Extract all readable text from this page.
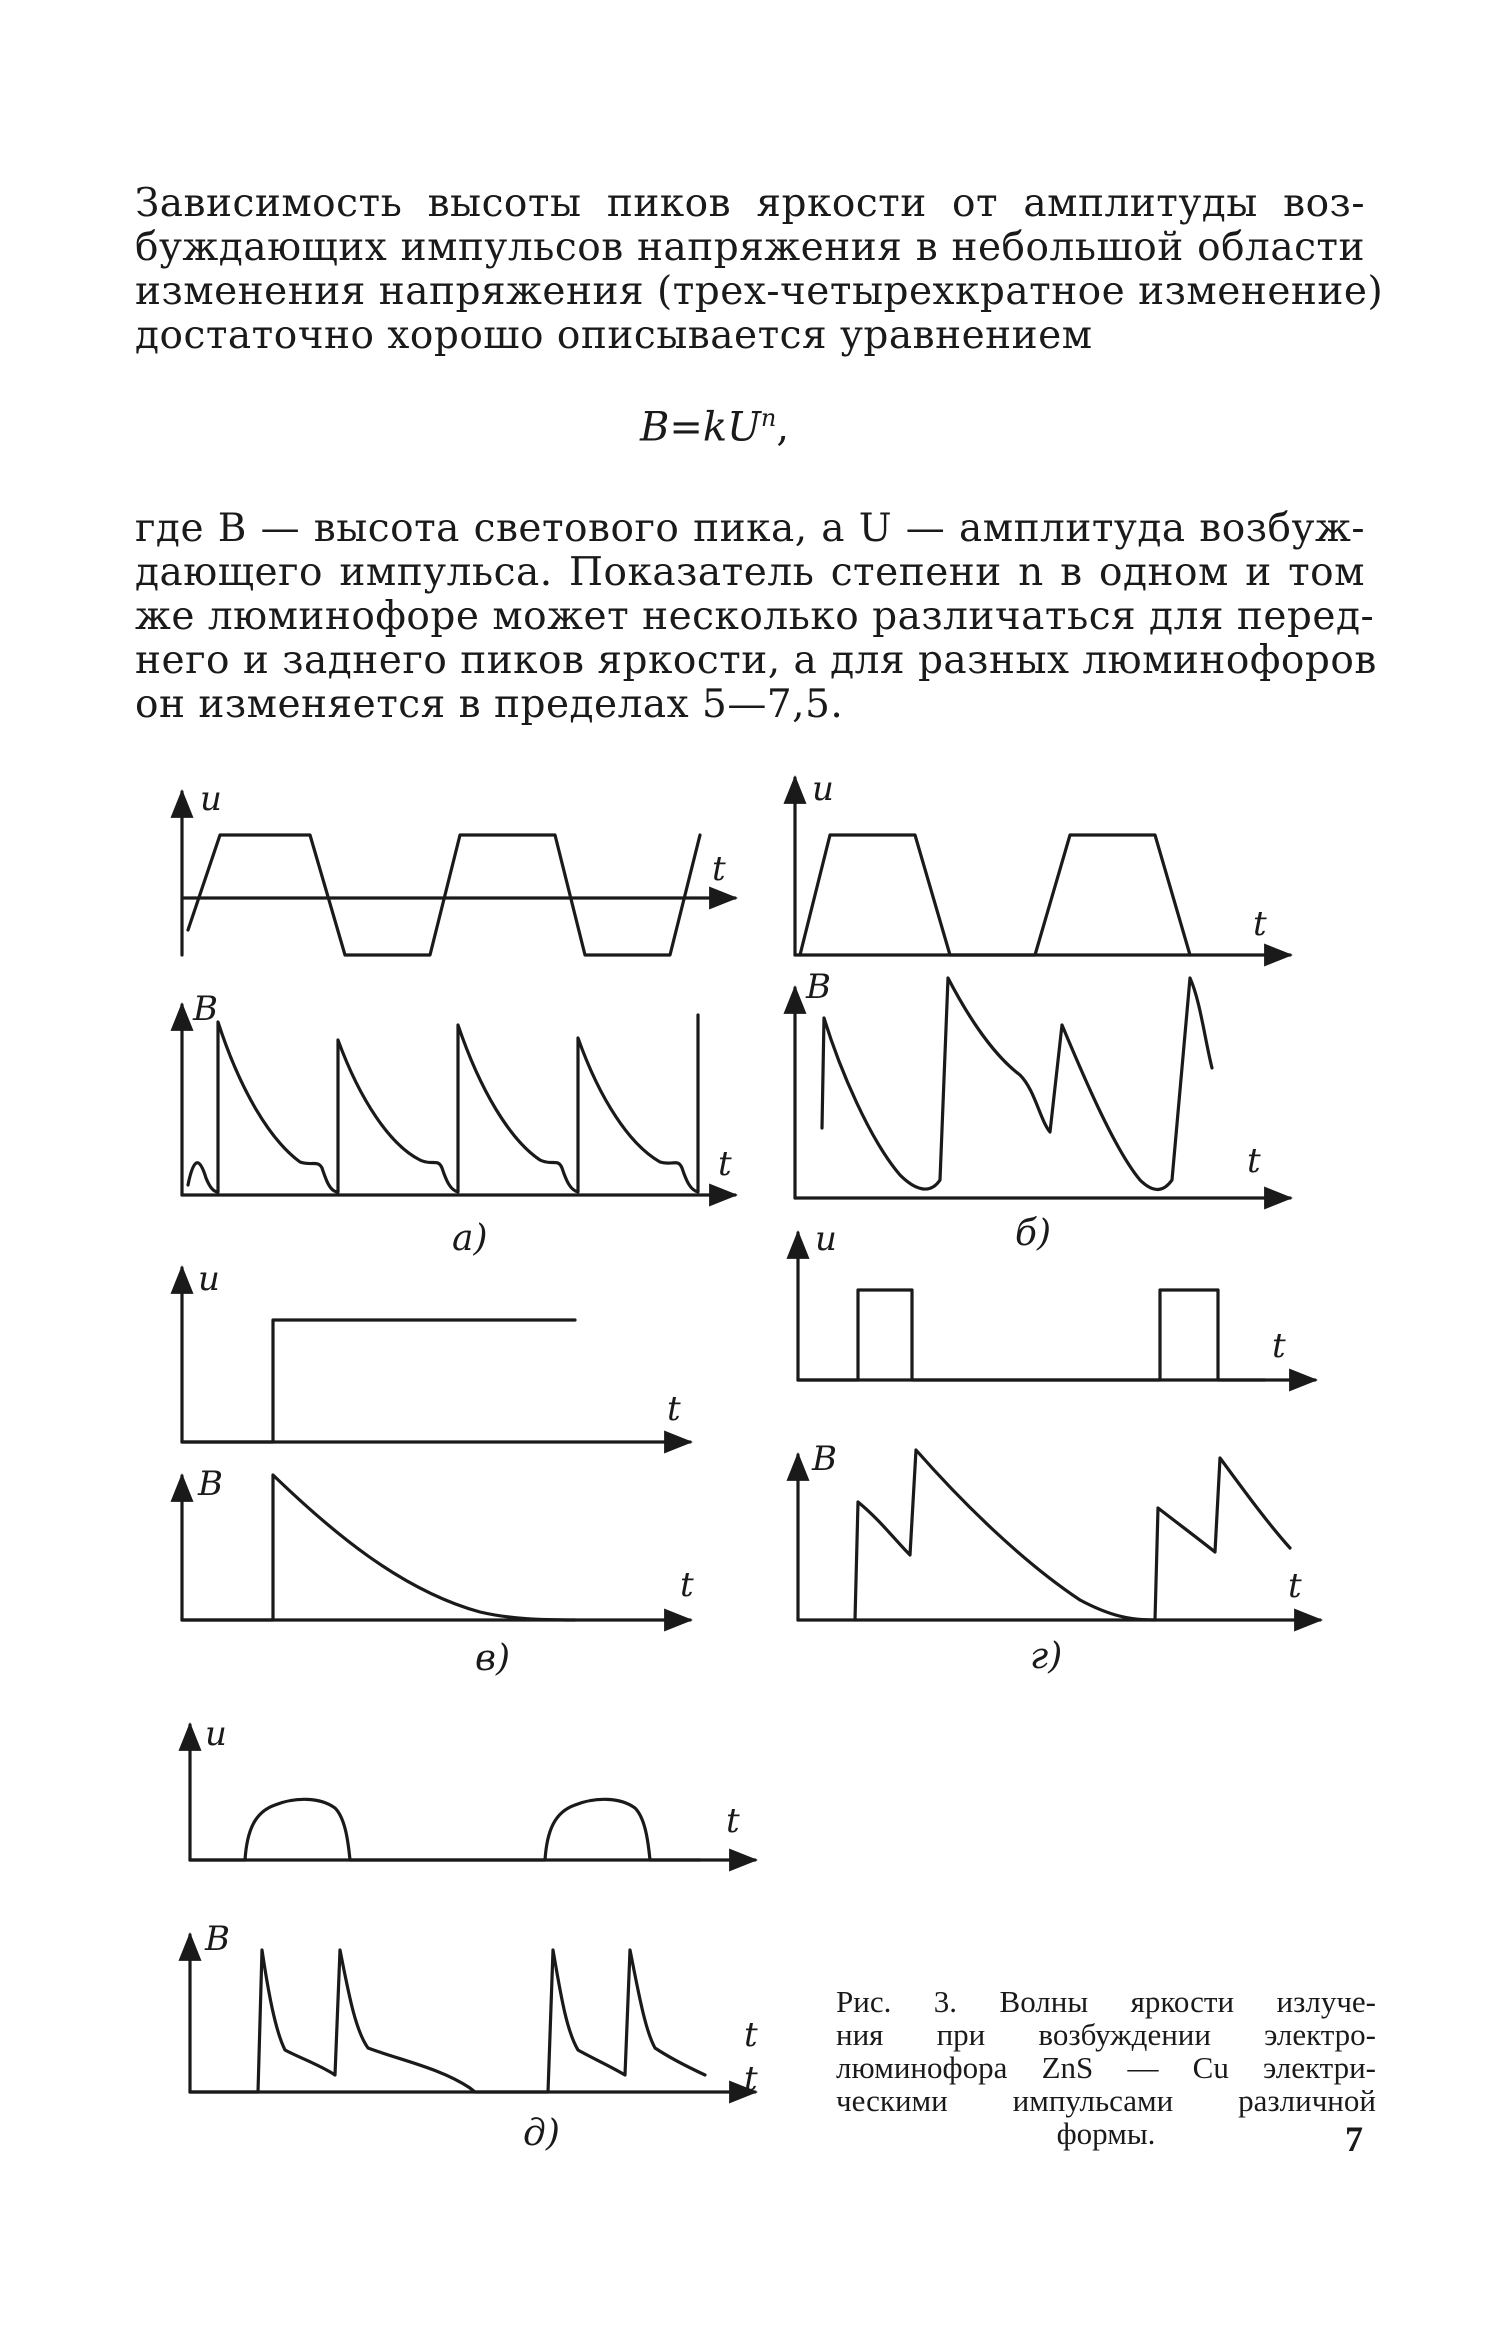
Зависимость высоты пиков яркости от амплитуды воз-
буждающих импульсов напряжения в небольшой области
изменения напряжения (трех-четырехкратное изменение)
достаточно хорошо описывается уравнением
$B=kU^n$,
где B — высота светового пика, а U — амплитуда возбуж-
дающего импульса. Показатель степени n в одном и том
же люминофоре может несколько различаться для перед-
него и заднего пиков яркости, а для разных люминофоров
он изменяется в пределах 5—7,5.
u
t
B
t
u
t
B
t
u
t
B
t
u
t
B
t
u
t
B
t
t
а)	б)
в)	г)
д)
Рис. 3. Волны яркости излуче-
ния при возбуждении электро-
люминофора ZnS — Cu электри-
ческими импульсами различной
формы.	7
